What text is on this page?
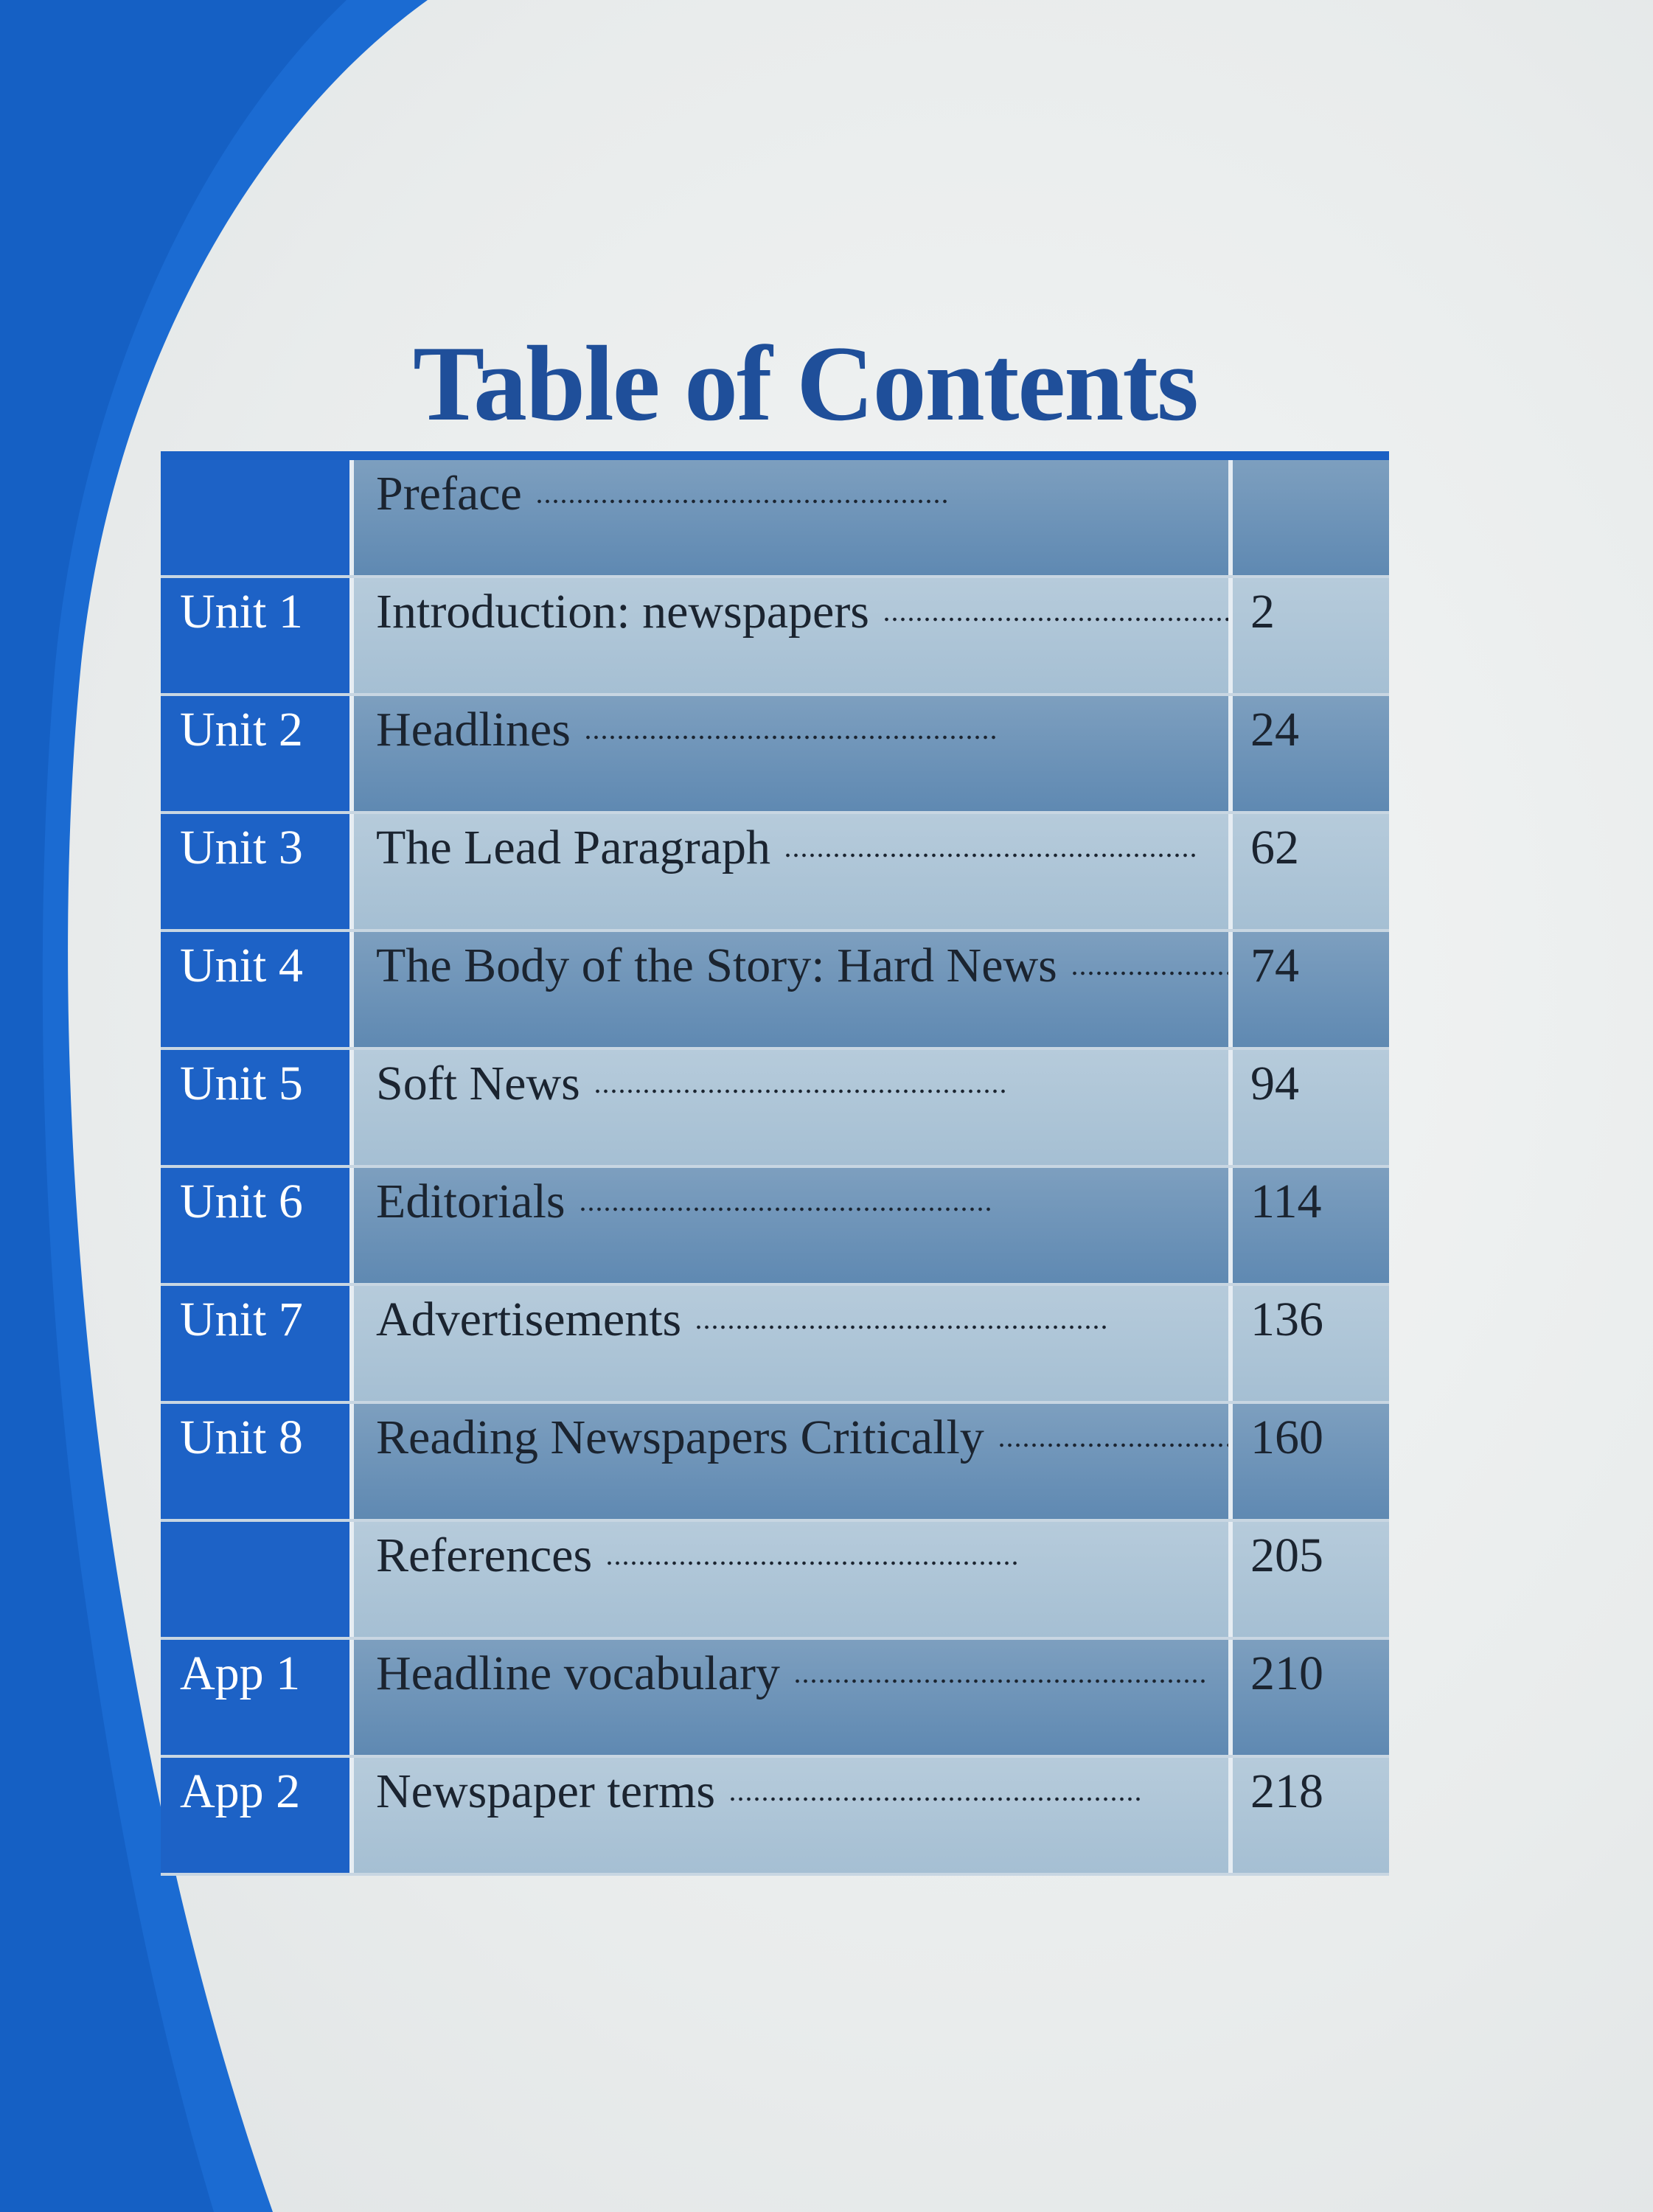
Table of Contents
Preface
Unit 1	Introduction: newspapers	2
Unit 2	Headlines	24
Unit 3	The Lead Paragraph	62
Unit 4	The Body of the Story: Hard News	74
Unit 5	Soft News	94
Unit 6	Editorials	114
Unit 7	Advertisements	136
Unit 8	Reading Newspapers Critically	160
References	205
App 1	Headline vocabulary	210
App 2	Newspaper terms	218
